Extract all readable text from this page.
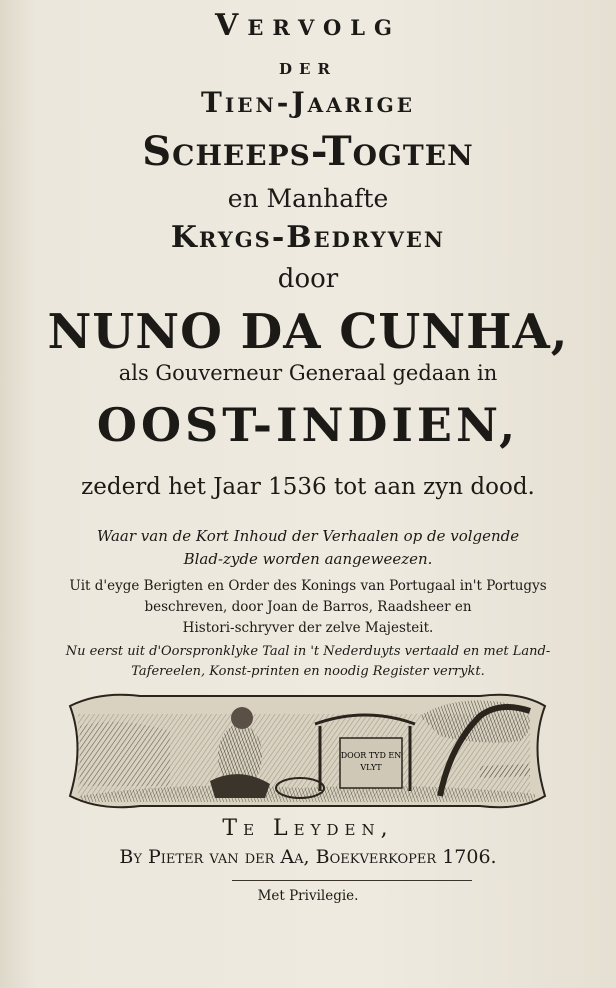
Vervolg
der
Tien-Jaarige
Scheeps-Togten
en Manhafte
Krygs-Bedryven
door
NUNO DA CUNHA,
als Gouverneur Generaal gedaan in
OOST-INDIEN,
zederd het Jaar 1536 tot aan zyn dood.
Waar van de Kort Inhoud der Verhaalen op de volgende
Blad-zyde worden aangeweezen.
Uit d'eyge Berigten en Order des Konings van Portugaal in't Portugys
beschreven, door Joan de Barros, Raadsheer en
Histori-schryver der zelve Majesteit.
Nu eerst uit d'Oorspronklyke Taal in 't Nederduyts vertaald en met Land-
Tafereelen, Konst-printen en noodig Register verrykt.
DOOR TYD EN
VLYT
Te Leyden,
By Pieter van der Aa, Boekverkoper 1706.
Met Privilegie.
